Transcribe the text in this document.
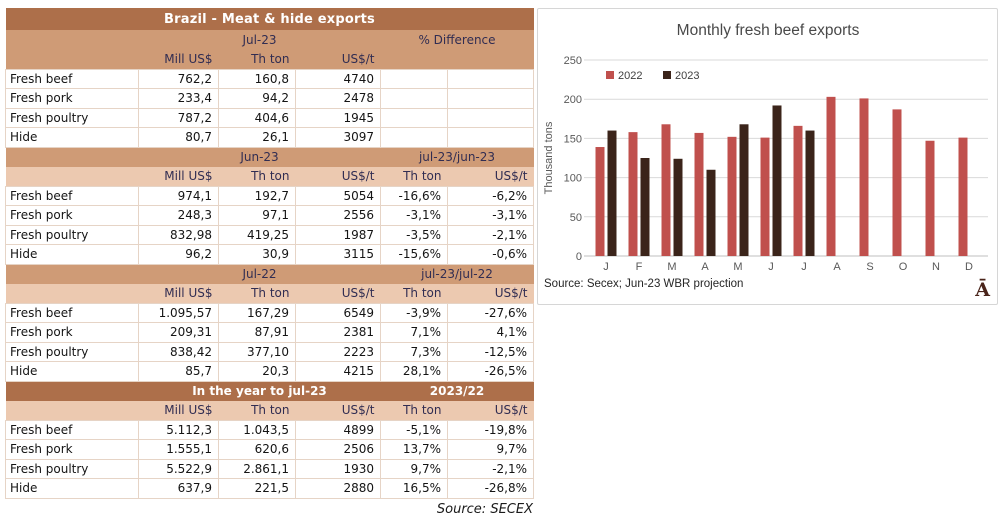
Brazil - Meat & hide exports					
	Jul-23			% Difference	
	Mill US$	Th ton	US$/t		
Fresh beef	762,2	160,8	4740		
Fresh pork	233,4	94,2	2478		
Fresh poultry	787,2	404,6	1945		
Hide	80,7	26,1	3097		
	Jun-23			jul-23/jun-23	
	Mill US$	Th ton	US$/t	Th ton	US$/t
Fresh beef	974,1	192,7	5054	-16,6%	-6,2%
Fresh pork	248,3	97,1	2556	-3,1%	-3,1%
Fresh poultry	832,98	419,25	1987	-3,5%	-2,1%
Hide	96,2	30,9	3115	-15,6%	-0,6%
	Jul-22			jul-23/jul-22	
	Mill US$	Th ton	US$/t	Th ton	US$/t
Fresh beef	1.095,57	167,29	6549	-3,9%	-27,6%
Fresh pork	209,31	87,91	2381	7,1%	4,1%
Fresh poultry	838,42	377,10	2223	7,3%	-12,5%
Hide	85,7	20,3	4215	28,1%	-26,5%
	In the year to jul-23			2023/22	
	Mill US$	Th ton	US$/t	Th ton	US$/t
Fresh beef	5.112,3	1.043,5	4899	-5,1%	-19,8%
Fresh pork	1.555,1	620,6	2506	13,7%	9,7%
Fresh poultry	5.522,9	2.861,1	1930	9,7%	-2,1%
Hide	637,9	221,5	2880	16,5%	-26,8%
Source: SECEX
Monthly fresh beef exports
0
50
100
150
200
250
Thousand tons
J F M A M J	J A S O N D
2022	2023
Source: Secex; Jun-23 WBR projection	Ā
